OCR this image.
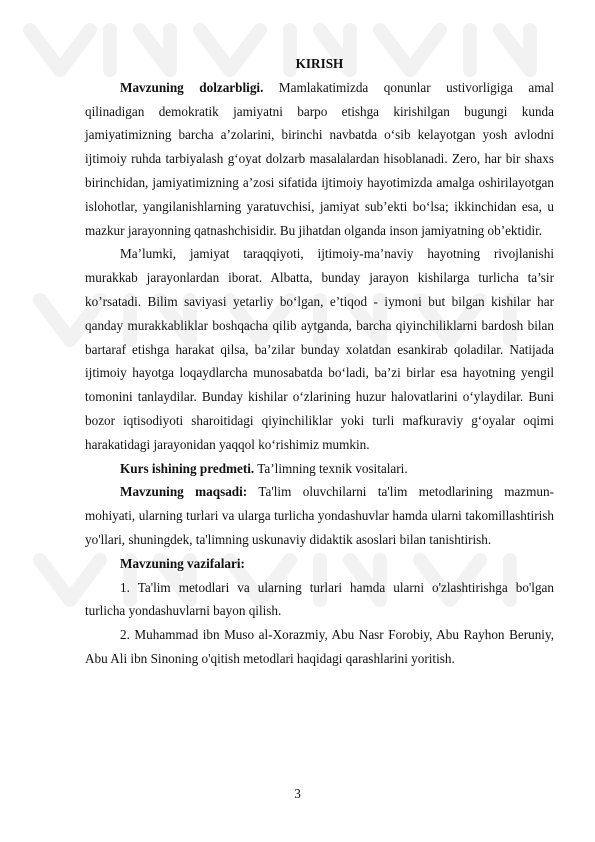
KIRISH

Mavzuning dolzarbligi. Mamlakatimizda qonunlar ustivorligiga amal qilinadigan demokratik jamiyatni barpo etishga kirishilgan bugungi kunda jamiyatimizning barcha a’zolarini, birinchi navbatda o‘sib kelayotgan yosh avlodni ijtimoiy ruhda tarbiyalash g‘oyat dolzarb masalalardan hisoblanadi. Zero, har bir shaxs birinchidan, jamiyatimizning a’zosi sifatida ijtimoiy hayotimizda amalga oshirilayotgan islohotlar, yangilanishlarning yaratuvchisi, jamiyat sub’ekti bo‘lsa; ikkinchidan esa, u mazkur jarayonning qatnashchisidir. Bu jihatdan olganda inson jamiyatning ob’ektidir.

Ma’lumki, jamiyat taraqqiyoti, ijtimoiy-ma’naviy hayotning rivojlanishi murakkab jarayonlardan iborat. Albatta, bunday jarayon kishilarga turlicha ta’sir ko’rsatadi. Bilim saviyasi yetarliy bo‘lgan, e’tiqod - iymoni but bilgan kishilar har qanday murakkabliklar boshqacha qilib aytganda, barcha qiyinchiliklarni bardosh bilan bartaraf etishga harakat qilsa, ba’zilar bunday xolatdan esankirab qoladilar. Natijada ijtimoiy hayotga loqaydlarcha munosabatda bo‘ladi, ba’zi birlar esa hayotning yengil tomonini tanlaydilar. Bunday kishilar o‘zlarining huzur halovatlarini o‘ylaydilar. Buni bozor iqtisodiyoti sharoitidagi qiyinchiliklar yoki turli mafkuraviy g‘oyalar oqimi harakatidagi jarayonidan yaqqol ko‘rishimiz mumkin.

Kurs ishining predmeti. Ta’limning texnik vositalari.

Mavzuning maqsadi: Ta'lim oluvchilarni ta'lim metodlarining mazmun-mohiyati, ularning turlari va ularga turlicha yondashuvlar hamda ularni takomillashtirish yo'llari, shuningdek, ta'limning uskunaviy didaktik asoslari bilan tanishtirish.

Mavzuning vazifalari:

1. Ta'lim metodlari va ularning turlari hamda ularni o'zlashtirishga bo'lgan turlicha yondashuvlarni bayon qilish.

2. Muhammad ibn Muso al-Xorazmiy, Abu Nasr Forobiy, Abu Rayhon Beruniy, Abu Ali ibn Sinoning o'qitish metodlari haqidagi qarashlarini yoritish.

3
